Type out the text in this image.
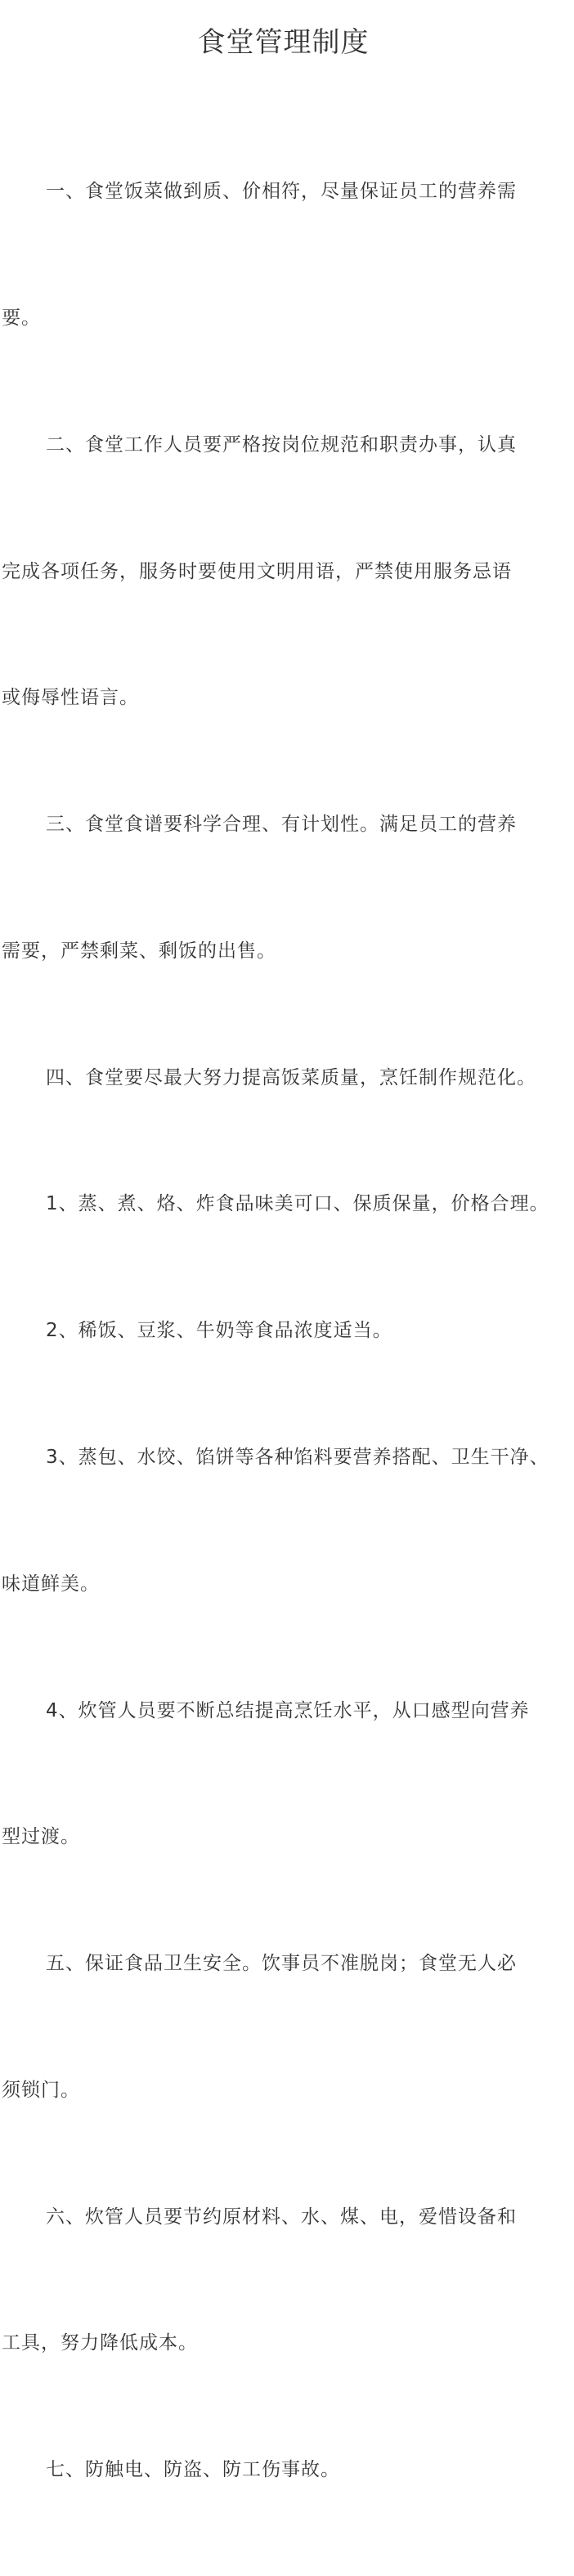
食堂管理制度

一、食堂饭菜做到质、价相符，尽量保证员工的营养需

要。

二、食堂工作人员要严格按岗位规范和职责办事，认真

完成各项任务，服务时要使用文明用语，严禁使用服务忌语

或侮辱性语言。

三、食堂食谱要科学合理、有计划性。满足员工的营养

需要，严禁剩菜、剩饭的出售。

四、食堂要尽最大努力提高饭菜质量，烹饪制作规范化。

1、蒸、煮、烙、炸食品味美可口、保质保量，价格合理。

2、稀饭、豆浆、牛奶等食品浓度适当。

3、蒸包、水饺、馅饼等各种馅料要营养搭配、卫生干净、

味道鲜美。

4、炊管人员要不断总结提高烹饪水平，从口感型向营养

型过渡。

五、保证食品卫生安全。饮事员不准脱岗；食堂无人必

须锁门。

六、炊管人员要节约原材料、水、煤、电，爱惜设备和

工具，努力降低成本。

七、防触电、防盗、防工伤事故。
